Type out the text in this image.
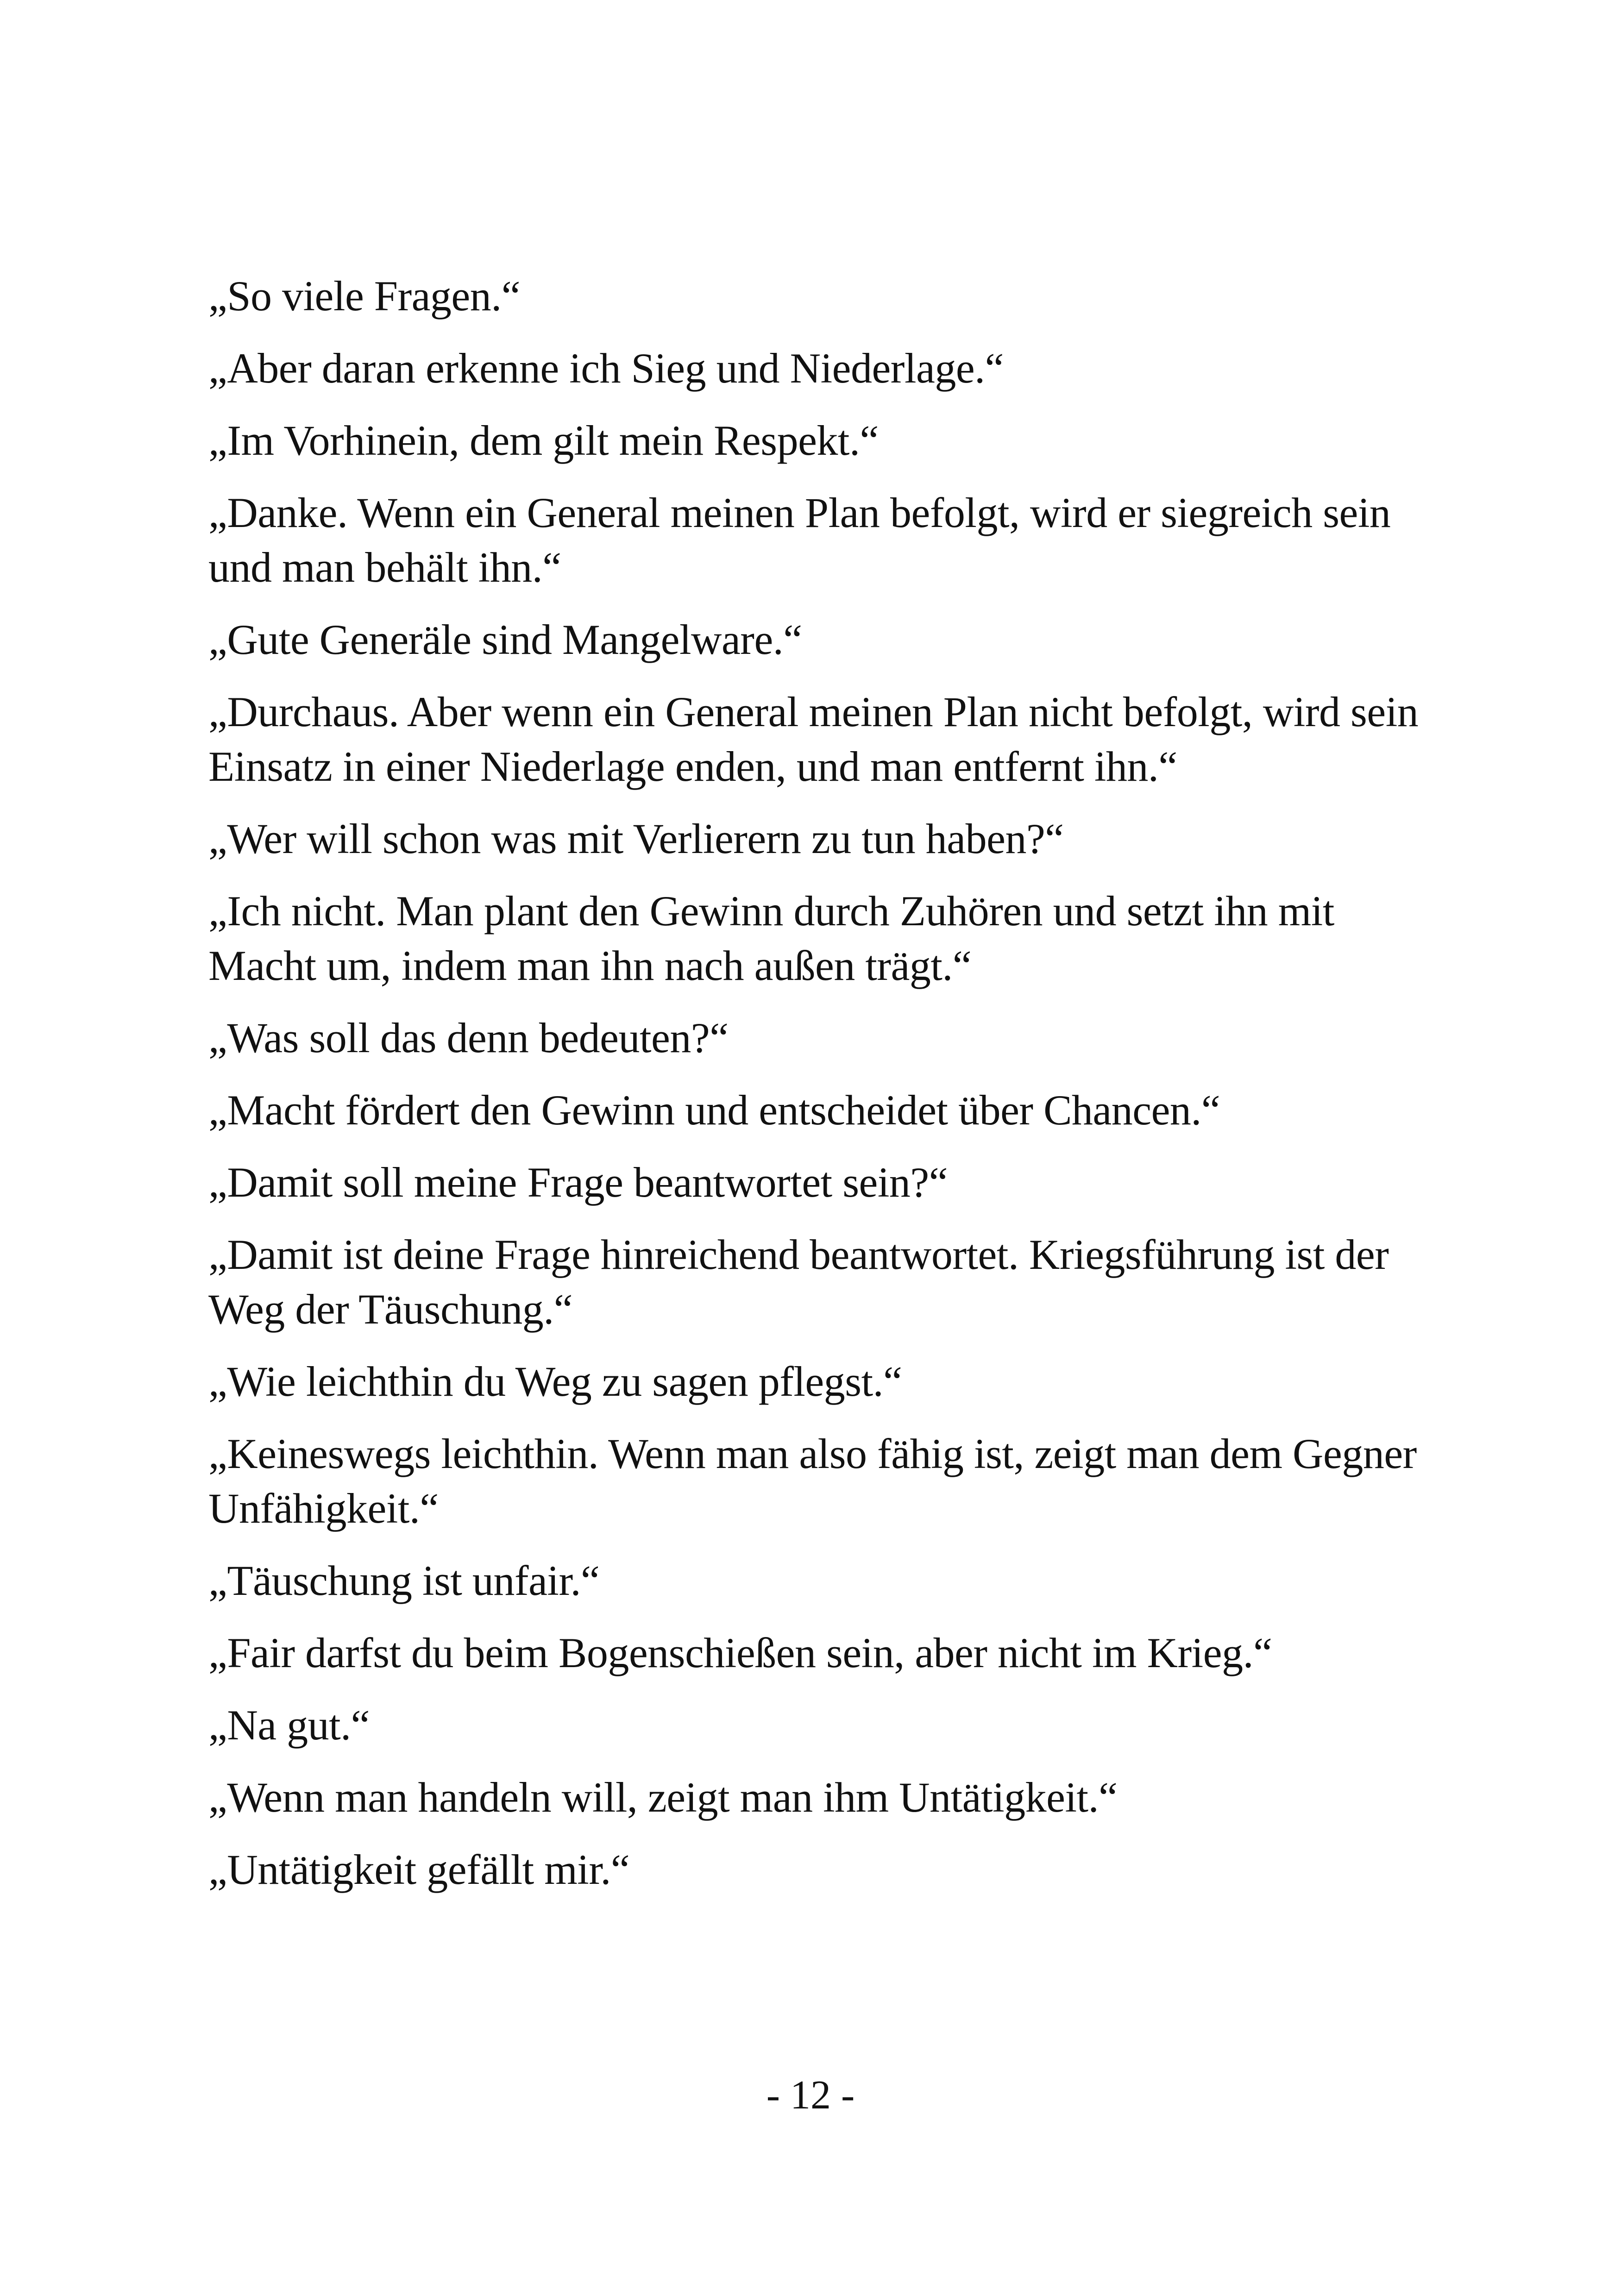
„So viele Fragen.“

„Aber daran erkenne ich Sieg und Niederlage.“

„Im Vorhinein, dem gilt mein Respekt.“

„Danke. Wenn ein General meinen Plan befolgt, wird er siegreich sein und man behält ihn.“

„Gute Generäle sind Mangelware.“

„Durchaus. Aber wenn ein General meinen Plan nicht befolgt, wird sein Einsatz in einer Niederlage enden, und man entfernt ihn.“

„Wer will schon was mit Verlierern zu tun haben?“

„Ich nicht. Man plant den Gewinn durch Zuhören und setzt ihn mit Macht um, indem man ihn nach außen trägt.“

„Was soll das denn bedeuten?“

„Macht fördert den Gewinn und entscheidet über Chancen.“

„Damit soll meine Frage beantwortet sein?“

„Damit ist deine Frage hinreichend beantwortet. Kriegsführung ist der Weg der Täuschung.“

„Wie leichthin du Weg zu sagen pflegst.“

„Keineswegs leichthin. Wenn man also fähig ist, zeigt man dem Gegner Unfähigkeit.“

„Täuschung ist unfair.“

„Fair darfst du beim Bogenschießen sein, aber nicht im Krieg.“

„Na gut.“

„Wenn man handeln will, zeigt man ihm Untätigkeit.“

„Untätigkeit gefällt mir.“

- 12 -
